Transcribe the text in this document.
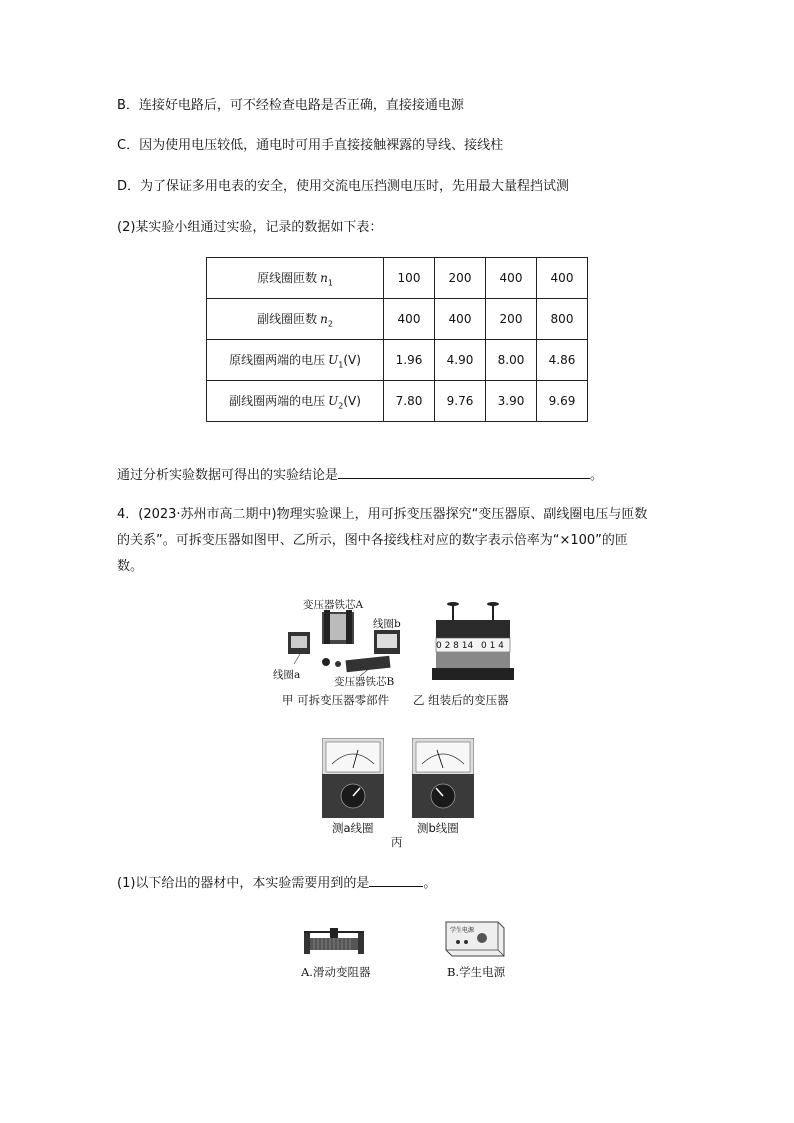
B．连接好电路后，可不经检查电路是否正确，直接接通电源
C．因为使用电压较低，通电时可用手直接接触裸露的导线、接线柱
D．为了保证多用电表的安全，使用交流电压挡测电压时，先用最大量程挡试测
(2)某实验小组通过实验，记录的数据如下表：
原线圈匝数 $n_1$	100	200	400	400
副线圈匝数 $n_2$	400	400	200	800
原线圈两端的电压 $U_1(V)$	1.96	4.90	8.00	4.86
副线圈两端的电压 $U_2(V)$	7.80	9.76	3.90	9.69
通过分析实验数据可得出的实验结论是	。
4．(2023·苏州市高二期中)物理实验课上，用可拆变压器探究“变压器原、副线圈电压与匝数
的关系”。可拆变压器如图甲、乙所示，图中各接线柱对应的数字表示倍率为“×100”的匝
数。
变压器铁芯A
线圈b
线圈a
变压器铁芯B
甲 可拆变压器零部件
0 2 8 14 0 1 4
乙 组装后的变压器
测a线圈	测b线圈
丙
(1)以下给出的器材中，本实验需要用到的是	。
A.滑动变阻器
学生电源
B.学生电源
